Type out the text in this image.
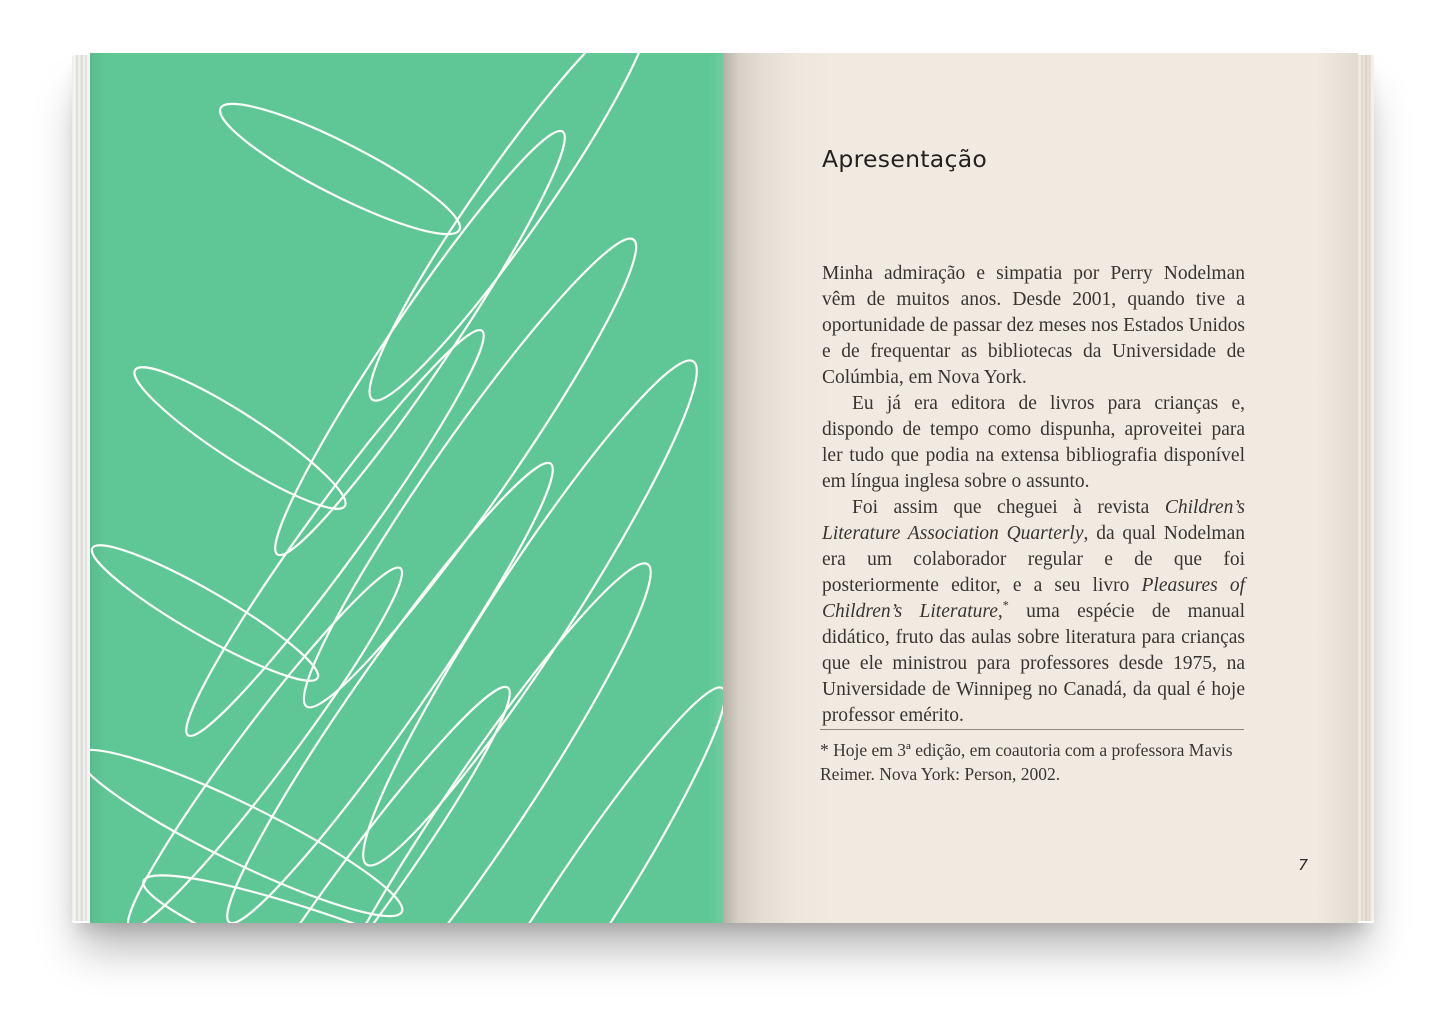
Apresentação

Minha admiração e simpatia por Perry Nodelman vêm de muitos anos. Desde 2001, quando tive a oportunidade de passar dez meses nos Estados Unidos e de frequentar as bibliotecas da Universidade de Colúmbia, em Nova York.

Eu já era editora de livros para crianças e, dispondo de tempo como dispunha, aproveitei para ler tudo que podia na extensa bibliografia disponível em língua inglesa sobre o assunto.

Foi assim que cheguei à revista Children’s Literature Association Quarterly, da qual Nodelman era um colaborador regular e de que foi posteriormente editor, e a seu livro Pleasures of Children’s Literature,* uma espécie de manual didático, fruto das aulas sobre literatura para crianças que ele ministrou para professores desde 1975, na Universidade de Winnipeg no Canadá, da qual é hoje professor emérito.

* Hoje em 3ª edição, em coautoria com a professora Mavis Reimer. Nova York: Person, 2002.

7
